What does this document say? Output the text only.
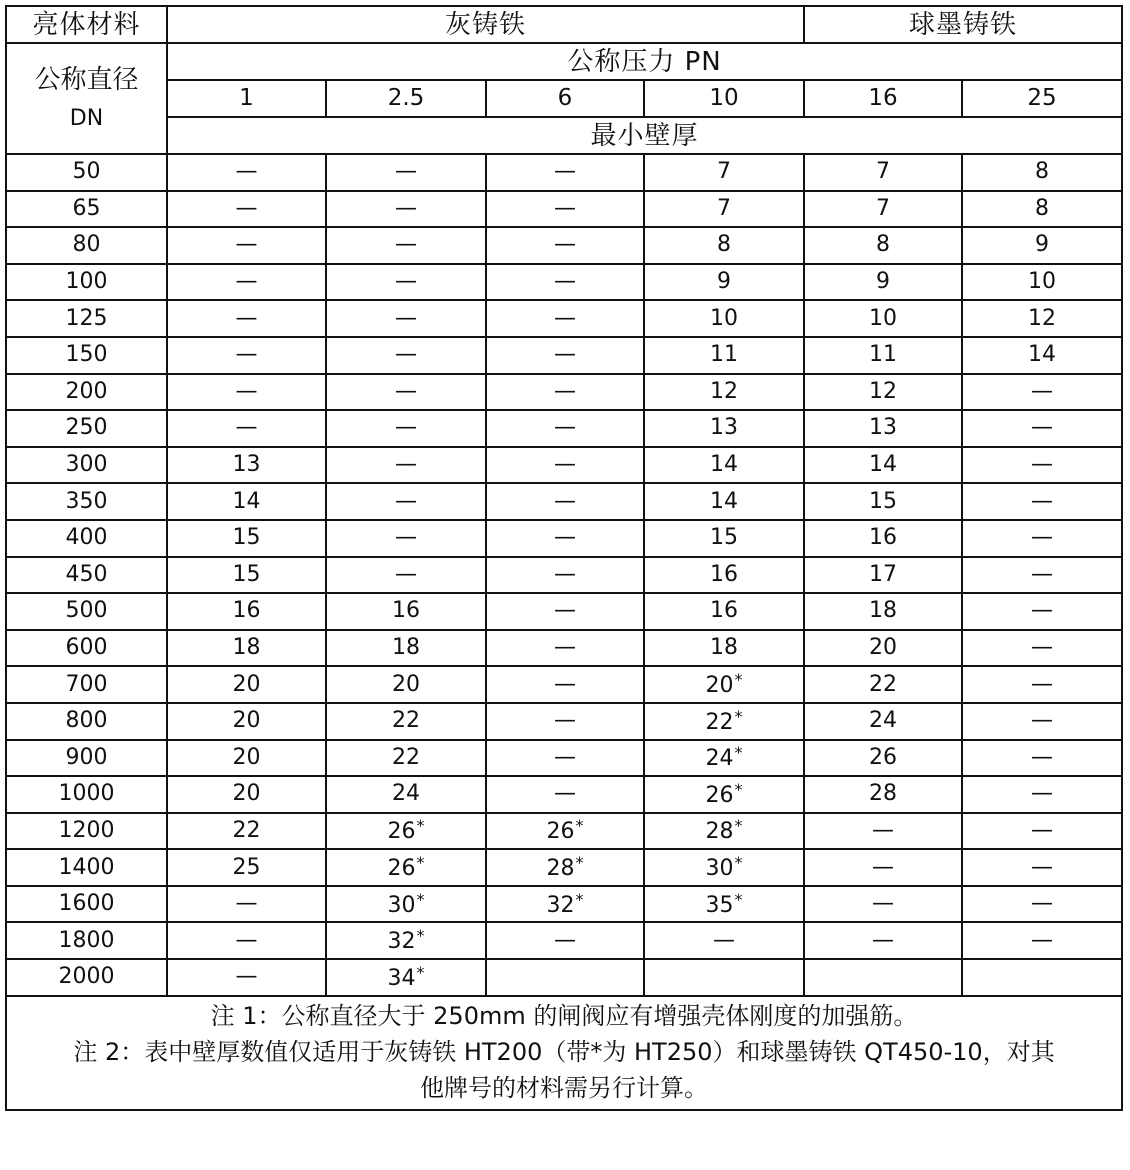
亮体材料	灰铸铁				球墨铸铁	

公称直径
DN	公称压力 PN					
	1	2.5	6	10	16	25
	最小壁厚					
50	—	—	—	7	7	8
65	—	—	—	7	7	8
80	—	—	—	8	8	9
100	—	—	—	9	9	10
125	—	—	—	10	10	12
150	—	—	—	11	11	14
200	—	—	—	12	12	—
250	—	—	—	13	13	—
300	13	—	—	14	14	—
350	14	—	—	14	15	—
400	15	—	—	15	16	—
450	15	—	—	16	17	—
500	16	16	—	16	18	—
600	18	18	—	18	20	—
700	20	20	—	20*	22	—
800	20	22	—	22*	24	—
900	20	22	—	24*	26	—
1000	20	24	—	26*	28	—
1200	22	26*	26*	28*	—	—
1400	25	26*	28*	30*	—	—
1600	—	30*	32*	35*	—	—
1800	—	32*	—	—	—	—
2000	—	34*				

注 1：公称直径大于 250mm 的闸阀应有增强壳体刚度的加强筋。
注 2：表中壁厚数值仅适用于灰铸铁 HT200（带*为 HT250）和球墨铸铁 QT450-10，对其
他牌号的材料需另行计算。						
